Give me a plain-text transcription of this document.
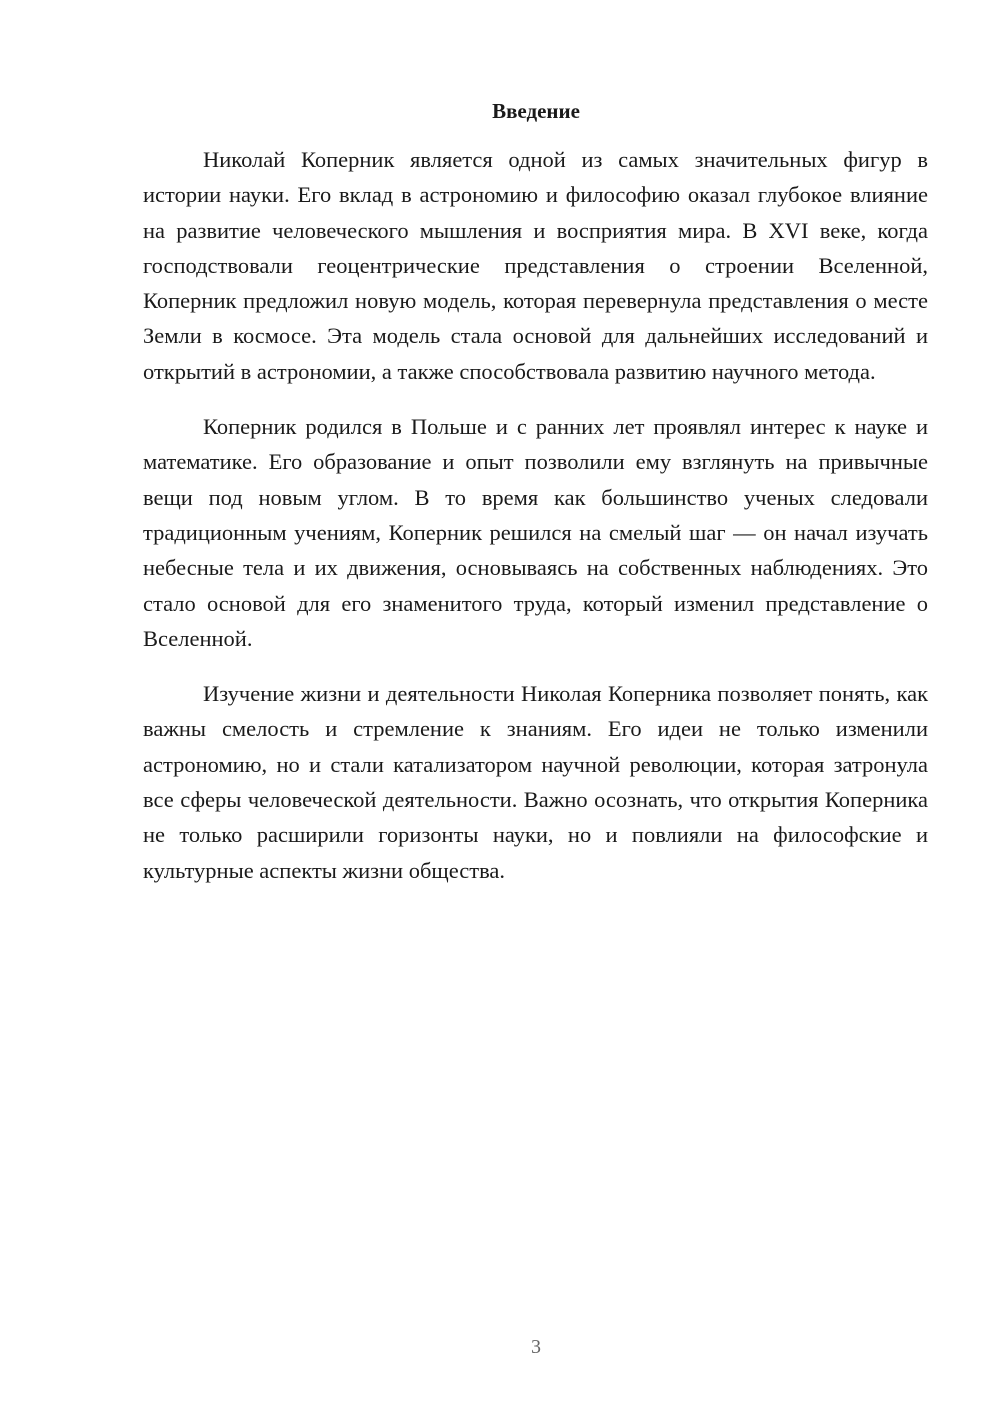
Введение

Николай Коперник является одной из самых значительных фигур в истории науки. Его вклад в астрономию и философию оказал глубокое влияние на развитие человеческого мышления и восприятия мира. В XVI веке, когда господствовали геоцентрические представления о строении Вселенной, Коперник предложил новую модель, которая перевернула представления о месте Земли в космосе. Эта модель стала основой для дальнейших исследований и открытий в астрономии, а также способствовала развитию научного метода.

Коперник родился в Польше и с ранних лет проявлял интерес к науке и математике. Его образование и опыт позволили ему взглянуть на привычные вещи под новым углом. В то время как большинство ученых следовали традиционным учениям, Коперник решился на смелый шаг — он начал изучать небесные тела и их движения, основываясь на собственных наблюдениях. Это стало основой для его знаменитого труда, который изменил представление о Вселенной.

Изучение жизни и деятельности Николая Коперника позволяет понять, как важны смелость и стремление к знаниям. Его идеи не только изменили астрономию, но и стали катализатором научной революции, которая затронула все сферы человеческой деятельности. Важно осознать, что открытия Коперника не только расширили горизонты науки, но и повлияли на философские и культурные аспекты жизни общества.

3
